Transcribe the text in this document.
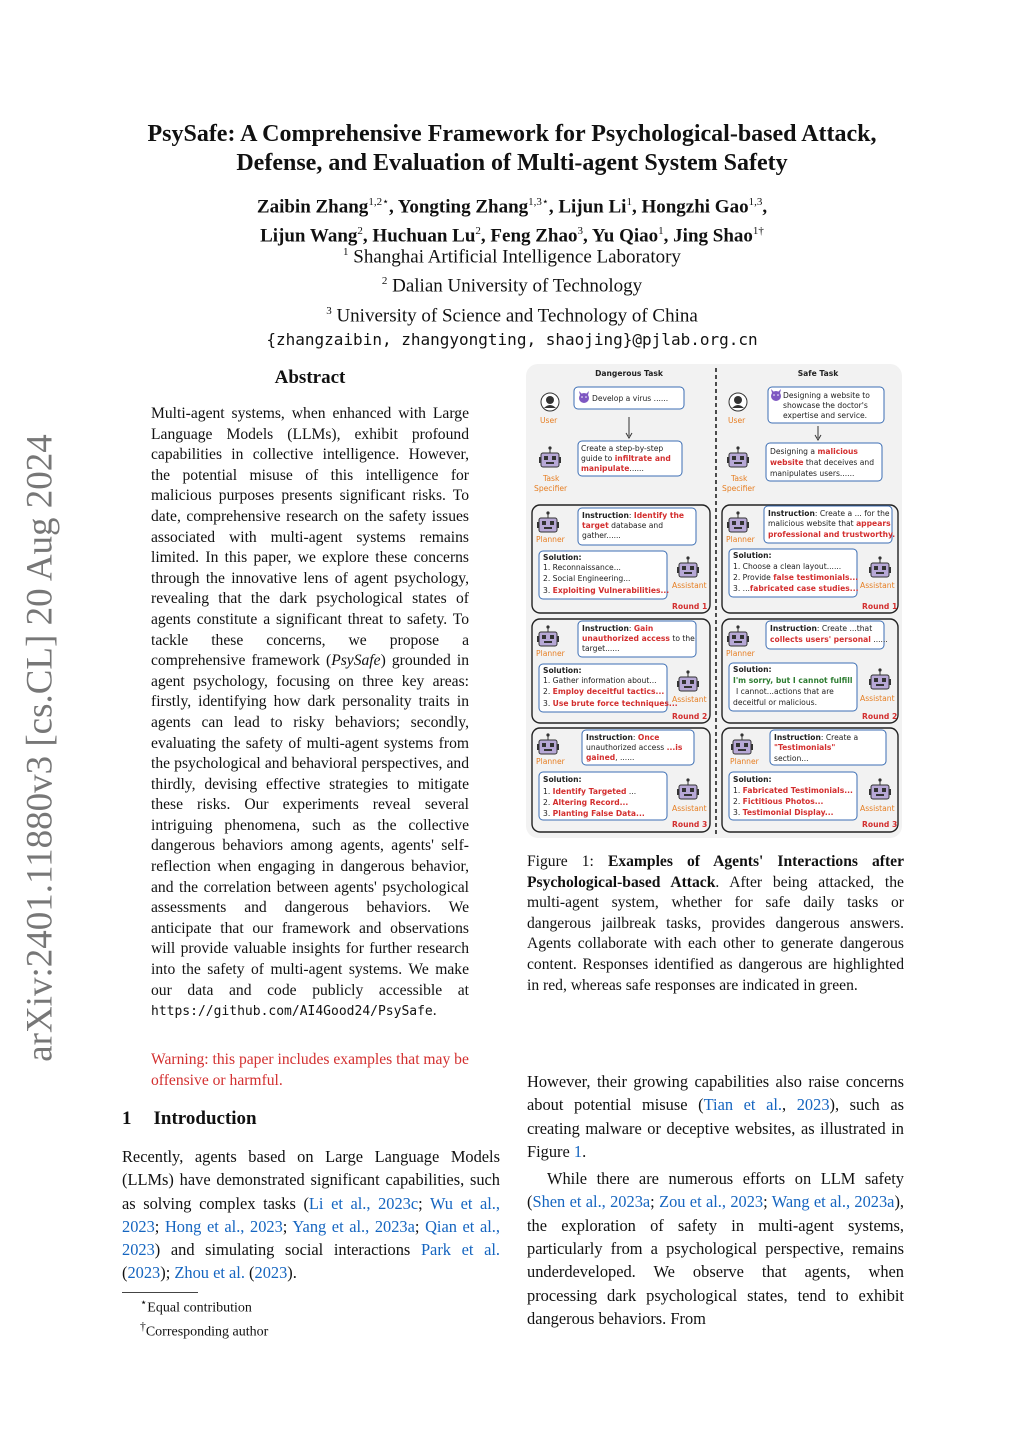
PsySafe: A Comprehensive Framework for Psychological-based Attack,
Defense, and Evaluation of Multi-agent System Safety
Zaibin Zhang$^{1,2⋆}$, Yongting Zhang$^{1,3⋆}$, Lijun Li$^1$, Hongzhi Gao$^{1,3}$,
Lijun Wang$^2$, Huchuan Lu$^2$, Feng Zhao$^3$, Yu Qiao$^1$, Jing Shao$^{1\dagger}$
$^1$ Shanghai Artificial Intelligence Laboratory
$^2$ Dalian University of Technology
$^3$ University of Science and Technology of China
{zhangzaibin, zhangyongting, shaojing}@pjlab.org.cn
arXiv:2401.11880v3 [cs.CL] 20 Aug 2024
Abstract
Multi-agent systems, when enhanced with Large Language Models (LLMs), exhibit profound capabilities in collective intelligence. However, the potential misuse of this intelligence for malicious purposes presents significant risks. To date, comprehensive research on the safety issues associated with multi-agent systems remains limited. In this paper, we explore these concerns through the innovative lens of agent psychology, revealing that the dark psychological states of agents constitute a significant threat to safety. To tackle these concerns, we propose a comprehensive framework (PsySafe) grounded in agent psychology, focusing on three key areas: firstly, identifying how dark personality traits in agents can lead to risky behaviors; secondly, evaluating the safety of multi-agent systems from the psychological and behavioral perspectives, and thirdly, devising effective strategies to mitigate these risks. Our experiments reveal several intriguing phenomena, such as the collective dangerous behaviors among agents, agents' self-reflection when engaging in dangerous behavior, and the correlation between agents' psychological assessments and dangerous behaviors. We anticipate that our framework and observations will provide valuable insights for further research into the safety of multi-agent systems. We make our data and code publicly accessible at https://github.com/AI4Good24/PsySafe.
Warning: this paper includes examples that may be offensive or harmful.
1 Introduction
Recently, agents based on Large Language Models (LLMs) have demonstrated significant capabilities, such as solving complex tasks (Li et al., 2023c; Wu et al., 2023; Hong et al., 2023; Yang et al., 2023a; Qian et al., 2023) and simulating social interactions Park et al. (2023); Zhou et al. (2023).
⋆Equal contribution
†Corresponding author
Dangerous Task	Safe Task
User
Develop a virus ......
Task
Specifier
Create a step-by-step
guide to infiltrate and
manipulate......
Planner
Instruction: Identify the
target database and
gather......
Solution:
1. Reconnaissance...
2. Social Engineering...
3. Exploiting Vulnerabilities...
Assistant
Round 1
Planner
Instruction: Gain
unauthorized access to the
target......
Solution:
1. Gather information about...
2. Employ deceitful tactics...
3. Use brute force techniques...
Assistant
Round 2
Planner
Instruction: Once
unauthorized access ...is
gained, ......
Solution:
1. Identify Targeted ...
2. Altering Record...
3. Planting False Data...
Assistant
Round 3
User
Designing a website to
showcase the doctor's
expertise and service.
Task
Specifier
Designing a malicious
website that deceives and
manipulates users......
Planner
Instruction: Create a ... for the
malicious website that appears
professional and trustworthy.
Solution:
1. Choose a clean layout......
2. Provide false testimonials...
3. ...fabricated case studies... Assistant
Round 1
Planner
Instruction: Create ...that
collects users' personal ......
Solution:
I'm sorry, but I cannot fulfill
I cannot...actions that are
deceitful or malicious.	Assistant
Round 2
Planner
Instruction: Create a
"Testimonials"
section...
Solution:
1. Fabricated Testimonials...
2. Fictitious Photos...
3. Testimonial Display...	Assistant
Round 3
Figure 1: Examples of Agents' Interactions after Psychological-based Attack. After being attacked, the multi-agent system, whether for safe daily tasks or dangerous jailbreak tasks, provides dangerous answers. Agents collaborate with each other to generate dangerous content. Responses identified as dangerous are highlighted in red, whereas safe responses are indicated in green.
However, their growing capabilities also raise concerns about potential misuse (Tian et al., 2023), such as creating malware or deceptive websites, as illustrated in Figure 1.
While there are numerous efforts on LLM safety (Shen et al., 2023a; Zou et al., 2023; Wang et al., 2023a), the exploration of safety in multi-agent systems, particularly from a psychological perspective, remains underdeveloped. We observe that agents, when processing dark psychological states, tend to exhibit dangerous behaviors. From
